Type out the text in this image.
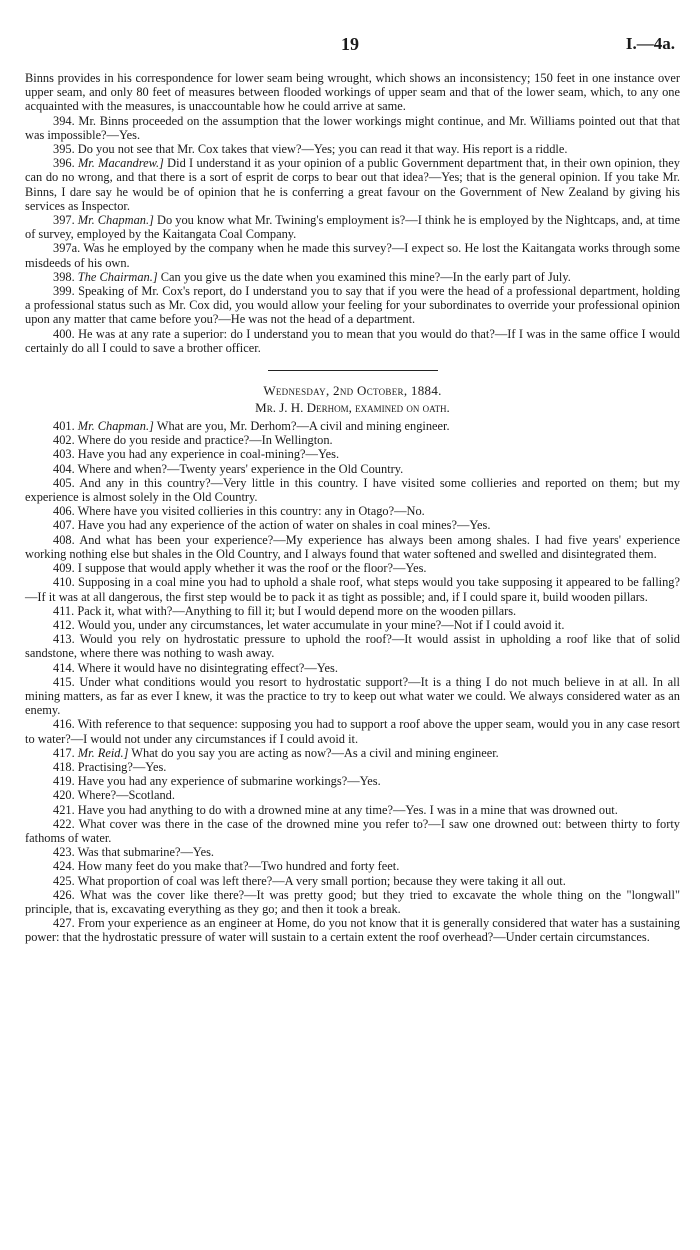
19	I.—4a.

Binns provides in his correspondence for lower seam being wrought, which shows an inconsistency; 150 feet in one instance over upper seam, and only 80 feet of measures between flooded workings of upper seam and that of the lower seam, which, to any one acquainted with the measures, is unaccountable how he could arrive at same.

394. Mr. Binns proceeded on the assumption that the lower workings might continue, and Mr. Williams pointed out that that was impossible?—Yes.

395. Do you not see that Mr. Cox takes that view?—Yes; you can read it that way. His report is a riddle.

396. Mr. Macandrew.] Did I understand it as your opinion of a public Government department that, in their own opinion, they can do no wrong, and that there is a sort of esprit de corps to bear out that idea?—Yes; that is the general opinion. If you take Mr. Binns, I dare say he would be of opinion that he is conferring a great favour on the Government of New Zealand by giving his services as Inspector.

397. Mr. Chapman.] Do you know what Mr. Twining's employment is?—I think he is employed by the Nightcaps, and, at time of survey, employed by the Kaitangata Coal Company.

397a. Was he employed by the company when he made this survey?—I expect so. He lost the Kaitangata works through some misdeeds of his own.

398. The Chairman.] Can you give us the date when you examined this mine?—In the early part of July.

399. Speaking of Mr. Cox's report, do I understand you to say that if you were the head of a professional department, holding a professional status such as Mr. Cox did, you would allow your feeling for your subordinates to override your professional opinion upon any matter that came before you?—He was not the head of a department.

400. He was at any rate a superior: do I understand you to mean that you would do that?—If I was in the same office I would certainly do all I could to save a brother officer.

Wednesday, 2nd October, 1884.
Mr. J. H. Derhom, examined on oath.

401. Mr. Chapman.] What are you, Mr. Derhom?—A civil and mining engineer.

402. Where do you reside and practice?—In Wellington.

403. Have you had any experience in coal-mining?—Yes.

404. Where and when?—Twenty years' experience in the Old Country.

405. And any in this country?—Very little in this country. I have visited some collieries and reported on them; but my experience is almost solely in the Old Country.

406. Where have you visited collieries in this country: any in Otago?—No.

407. Have you had any experience of the action of water on shales in coal mines?—Yes.

408. And what has been your experience?—My experience has always been among shales. I had five years' experience working nothing else but shales in the Old Country, and I always found that water softened and swelled and disintegrated them.

409. I suppose that would apply whether it was the roof or the floor?—Yes.

410. Supposing in a coal mine you had to uphold a shale roof, what steps would you take supposing it appeared to be falling?—If it was at all dangerous, the first step would be to pack it as tight as possible; and, if I could spare it, build wooden pillars.

411. Pack it, what with?—Anything to fill it; but I would depend more on the wooden pillars.

412. Would you, under any circumstances, let water accumulate in your mine?—Not if I could avoid it.

413. Would you rely on hydrostatic pressure to uphold the roof?—It would assist in upholding a roof like that of solid sandstone, where there was nothing to wash away.

414. Where it would have no disintegrating effect?—Yes.

415. Under what conditions would you resort to hydrostatic support?—It is a thing I do not much believe in at all. In all mining matters, as far as ever I knew, it was the practice to try to keep out what water we could. We always considered water as an enemy.

416. With reference to that sequence: supposing you had to support a roof above the upper seam, would you in any case resort to water?—I would not under any circumstances if I could avoid it.

417. Mr. Reid.] What do you say you are acting as now?—As a civil and mining engineer.

418. Practising?—Yes.

419. Have you had any experience of submarine workings?—Yes.

420. Where?—Scotland.

421. Have you had anything to do with a drowned mine at any time?—Yes. I was in a mine that was drowned out.

422. What cover was there in the case of the drowned mine you refer to?—I saw one drowned out: between thirty to forty fathoms of water.

423. Was that submarine?—Yes.

424. How many feet do you make that?—Two hundred and forty feet.

425. What proportion of coal was left there?—A very small portion; because they were taking it all out.

426. What was the cover like there?—It was pretty good; but they tried to excavate the whole thing on the "longwall" principle, that is, excavating everything as they go; and then it took a break.

427. From your experience as an engineer at Home, do you not know that it is generally considered that water has a sustaining power: that the hydrostatic pressure of water will sustain to a certain extent the roof overhead?—Under certain circumstances.
